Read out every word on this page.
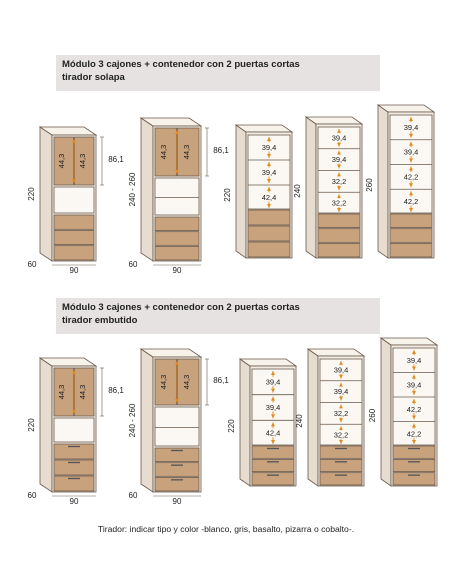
Módulo 3 cajones + contenedor con 2 puertas cortas
tirador solapa
Módulo 3 cajones + contenedor con 2 puertas cortas
tirador embutido
44,3 44,3	86,1
220
60
90
44,3 44,3	86,1
240 - 260
60
90
39,4
39,4
42,4
220
39,4
39,4
32,2
32,2
240
39,4
39,4
42,2
42,2
260
44,3 44,3	86,1
220
60
90
44,3 44,3	86,1
240 - 260
60
90
39,4
39,4
42,4
220
39,4
39,4
32,2
32,2
240
39,4
39,4
42,2
42,2
260
Tirador: indicar tipo y color -blanco, gris, basalto, pizarra o cobalto-.
